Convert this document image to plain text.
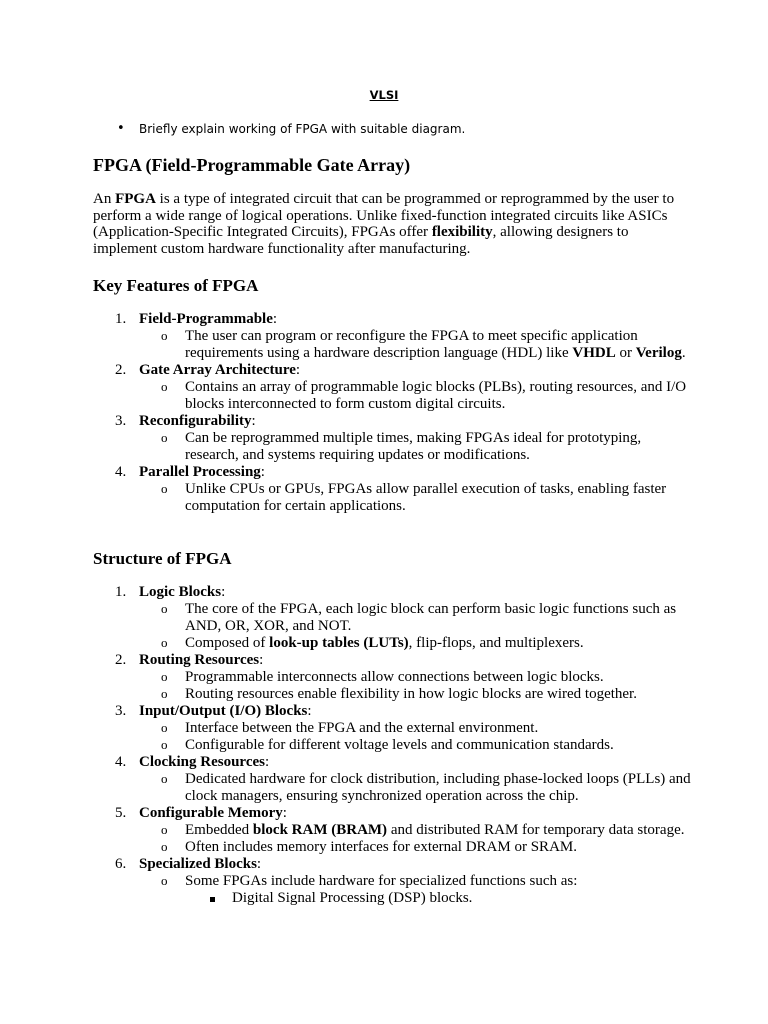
VLSI
• Briefly explain working of FPGA with suitable diagram.
FPGA (Field-Programmable Gate Array)

An FPGA is a type of integrated circuit that can be programmed or reprogrammed by the user to perform a wide range of logical operations. Unlike fixed-function integrated circuits like ASICs (Application-Specific Integrated Circuits), FPGAs offer flexibility, allowing designers to implement custom hardware functionality after manufacturing.

Key Features of FPGA
1. Field-Programmable:
o The user can program or reconfigure the FPGA to meet specific application requirements using a hardware description language (HDL) like VHDL or Verilog.
2. Gate Array Architecture:
o Contains an array of programmable logic blocks (PLBs), routing resources, and I/O blocks interconnected to form custom digital circuits.
3. Reconfigurability:
o Can be reprogrammed multiple times, making FPGAs ideal for prototyping, research, and systems requiring updates or modifications.
4. Parallel Processing:
o Unlike CPUs or GPUs, FPGAs allow parallel execution of tasks, enabling faster computation for certain applications.
Structure of FPGA
1. Logic Blocks:
o The core of the FPGA, each logic block can perform basic logic functions such as AND, OR, XOR, and NOT.
o Composed of look-up tables (LUTs), flip-flops, and multiplexers.
2. Routing Resources:
o Programmable interconnects allow connections between logic blocks.
o Routing resources enable flexibility in how logic blocks are wired together.
3. Input/Output (I/O) Blocks:
o Interface between the FPGA and the external environment.
o Configurable for different voltage levels and communication standards.
4. Clocking Resources:
o Dedicated hardware for clock distribution, including phase-locked loops (PLLs) and clock managers, ensuring synchronized operation across the chip.
5. Configurable Memory:
o Embedded block RAM (BRAM) and distributed RAM for temporary data storage.
o Often includes memory interfaces for external DRAM or SRAM.
6. Specialized Blocks:
o Some FPGAs include hardware for specialized functions such as:
Digital Signal Processing (DSP) blocks.
